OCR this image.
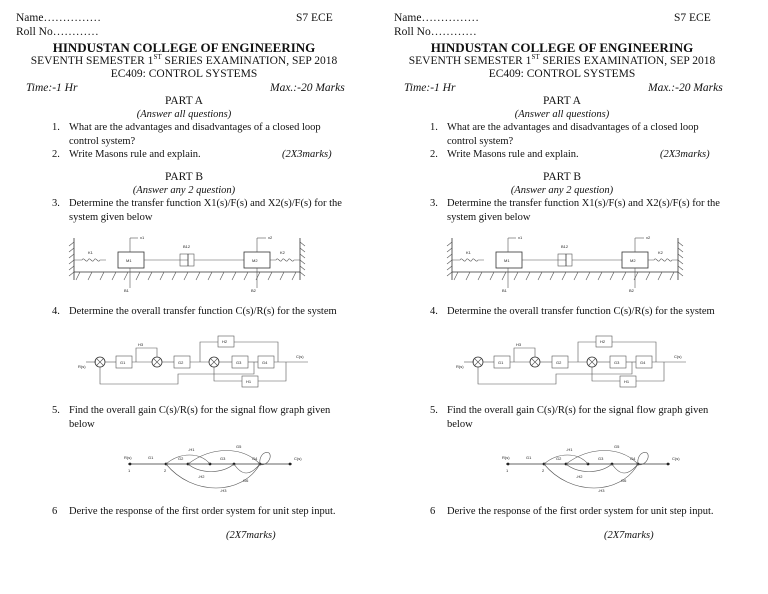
Name……………	S7 ECE
Roll No…………
HINDUSTAN COLLEGE OF ENGINEERING
SEVENTH SEMESTER 1ST SERIES EXAMINATION, SEP 2018
EC409: CONTROL SYSTEMS
Time:-1 Hr	Max.:-20 Marks
PART A
(Answer all questions)
1. What are the advantages and disadvantages of a closed loop
control system?
2. Write Masons rule and explain.	(2X3marks)
PART B
(Answer any 2 question)
3. Determine the transfer function X1(s)/F(s) and X2(s)/F(s) for the
system given below
K1
M1
x1
B12
M2
x2
K2
B1	B2
4. Determine the overall transfer function C(s)/R(s) for the system
R(s)
G1	G2	G3	G4
C(s)
H2
H1
H3
5. Find the overall gain C(s)/R(s) for the signal flow graph given
below
R(s)	G1
1	2
G2	G3	G4	C(s)
-H1
-H2
-H3
G5
G6
6 Derive the response of the first order system for unit step input.
(2X7marks)
Name……………	S7 ECE
Roll No…………
HINDUSTAN COLLEGE OF ENGINEERING
SEVENTH SEMESTER 1ST SERIES EXAMINATION, SEP 2018
EC409: CONTROL SYSTEMS
Time:-1 Hr	Max.:-20 Marks
PART A
(Answer all questions)
1. What are the advantages and disadvantages of a closed loop
control system?
2. Write Masons rule and explain.	(2X3marks)
PART B
(Answer any 2 question)
3. Determine the transfer function X1(s)/F(s) and X2(s)/F(s) for the
system given below
K1
M1
x1
B12
M2
x2
K2
B1	B2
4. Determine the overall transfer function C(s)/R(s) for the system
R(s)
G1	G2	G3	G4
C(s)
H2
H1
H3
5. Find the overall gain C(s)/R(s) for the signal flow graph given
below
R(s)	G1
1	2
G2	G3	G4	C(s)
-H1
-H2
-H3
G5
G6
6 Derive the response of the first order system for unit step input.
(2X7marks)
